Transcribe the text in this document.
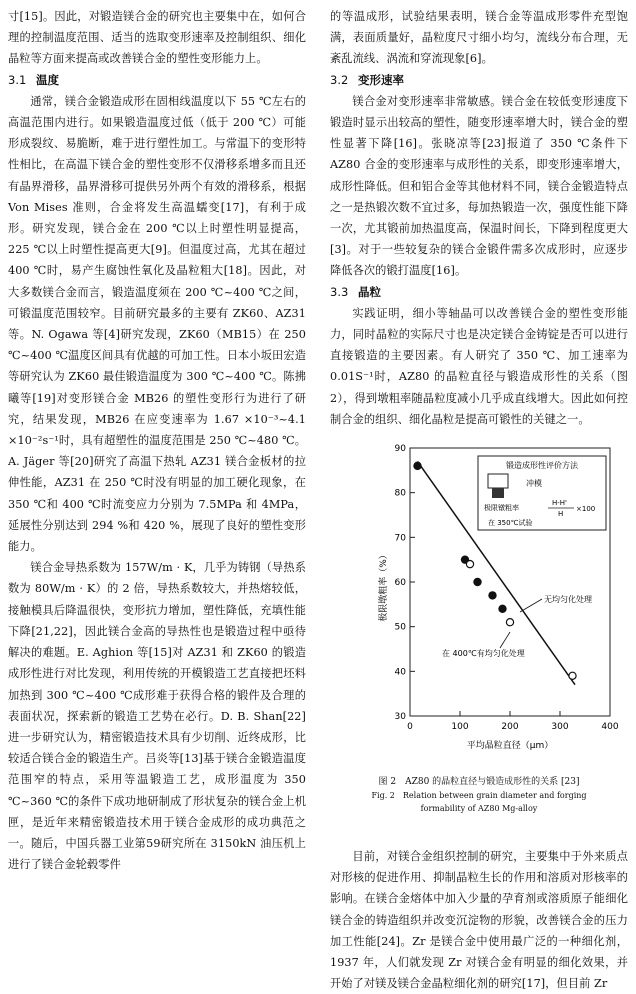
寸[15]。因此，对锻造镁合金的研究也主要集中在，如何合理的控制温度范围、适当的选取变形速率及控制组织、细化晶粒等方面来提高或改善镁合金的塑性变形能力上。

3.1 温度

通常，镁合金锻造成形在固相线温度以下 55 ℃左右的高温范围内进行。如果锻造温度过低（低于 200 ℃）可能形成裂纹、易脆断，难于进行塑性加工。与常温下的变形特性相比，在高温下镁合金的塑性变形不仅滑移系增多而且还有晶界滑移，晶界滑移可提供另外两个有效的滑移系，根据 Von Mises 准则，合金将发生高温蠕变[17]，有利于成形。研究发现，镁合金在 200 ℃以上时塑性明显提高，225 ℃以上时塑性提高更大[9]。但温度过高，尤其在超过 400 ℃时，易产生腐蚀性氧化及晶粒粗大[18]。因此，对大多数镁合金而言，锻造温度须在 200 ℃~400 ℃之间，可锻温度范围较窄。目前研究最多的主要有 ZK60、AZ31等。N. Ogawa 等[4]研究发现，ZK60（MB15）在 250 ℃~400 ℃温度区间具有优越的可加工性。日本小坂田宏造等研究认为 ZK60 最佳锻造温度为 300 ℃~400 ℃。陈拂曦等[19]对变形镁合金 MB26 的塑性变形行为进行了研究，结果发现，MB26 在应变速率为 1.67 ×10⁻³~4.1 ×10⁻²s⁻¹时，具有超塑性的温度范围是 250 ℃~480 ℃。A. Jäger 等[20]研究了高温下热轧 AZ31 镁合金板材的拉伸性能，AZ31 在 250 ℃时没有明显的加工硬化现象，在 350 ℃和 400 ℃时流变应力分别为 7.5MPa 和 4MPa，延展性分别达到 294 %和 420 %，展现了良好的塑性变形能力。

镁合金导热系数为 157W/m · K，几乎为铸钢（导热系数为 80W/m · K）的 2 倍，导热系数较大，并热熔较低，接触模具后降温很快，变形抗力增加，塑性降低，充填性能下降[21,22]，因此镁合金高的导热性也是锻造过程中亟待解决的难题。E. Aghion 等[15]对 AZ31 和 ZK60 的锻造成形性进行对比发现，利用传统的开模锻造工艺直接把坯料加热到 300 ℃~400 ℃成形难于获得合格的锻件及合理的表面状况，探索新的锻造工艺势在必行。D. B. Shan[22]进一步研究认为，精密锻造技术具有少切削、近终成形，比较适合镁合金的锻造生产。吕炎等[13]基于镁合金锻造温度范围窄的特点，采用等温锻造工艺，成形温度为 350 ℃~360 ℃的条件下成功地研制成了形状复杂的镁合金上机匣，是近年来精密锻造技术用于镁合金成形的成功典范之一。随后，中国兵器工业第59研究所在 3150kN 油压机上进行了镁合金轮毂零件

的等温成形，试验结果表明，镁合金等温成形零件充型饱满，表面质量好，晶粒度尺寸细小均匀，流线分布合理，无紊乱流线、涡流和穿流现象[6]。

3.2 变形速率

镁合金对变形速率非常敏感。镁合金在较低变形速度下锻造时显示出较高的塑性，随变形速率增大时，镁合金的塑性显著下降[16]。张晓凉等[23]报道了 350 ℃条件下 AZ80 合金的变形速率与成形性的关系，即变形速率增大，成形性降低。但和铝合金等其他材料不同，镁合金锻造特点之一是热锻次数不宜过多，每加热锻造一次，强度性能下降一次，尤其锻前加热温度高，保温时间长，下降到程度更大[3]。对于一些较复杂的镁合金锻件需多次成形时，应逐步降低各次的锻打温度[16]。

3.3 晶粒

实践证明，细小等轴晶可以改善镁合金的塑性变形能力，同时晶粒的实际尺寸也是决定镁合金铸锭是否可以进行直接锻造的主要因素。有人研究了 350 ℃、加工速率为 0.01S⁻¹时，AZ80 的晶粒直径与锻造成形性的关系（图 2），得到墩粗率随晶粒度减小几乎成直线增大。因此如何控制合金的组织、细化晶粒是提高可锻性的关键之一。

30
40
50
60
70
80
90
0	100	200	300	400
极限墩粗率（%）
平均晶粒直径（μm）
锻造成形性评价方法
冲模
极限镦粗率
H-H'
H
×100
在 350℃试验
无均匀化处理
在 400℃有均匀化处理
图 2　AZ80 的晶粒直径与锻造成形性的关系 [23]
Fig. 2　Relation between grain diameter and forging
formability of AZ80 Mg-alloy

目前，对镁合金组织控制的研究，主要集中于外来质点对形核的促进作用、抑制晶粒生长的作用和溶质对形核率的影响。在镁合金熔体中加入少量的孕育剂或溶质原子能细化镁合金的铸造组织并改变沉淀物的形貌，改善镁合金的压力加工性能[24]。Zr 是镁合金中使用最广泛的一种细化剂，1937 年，人们就发现 Zr 对镁合金有明显的细化效果，并开始了对镁及镁合金晶粒细化剂的研究[17]，但目前 Zr
